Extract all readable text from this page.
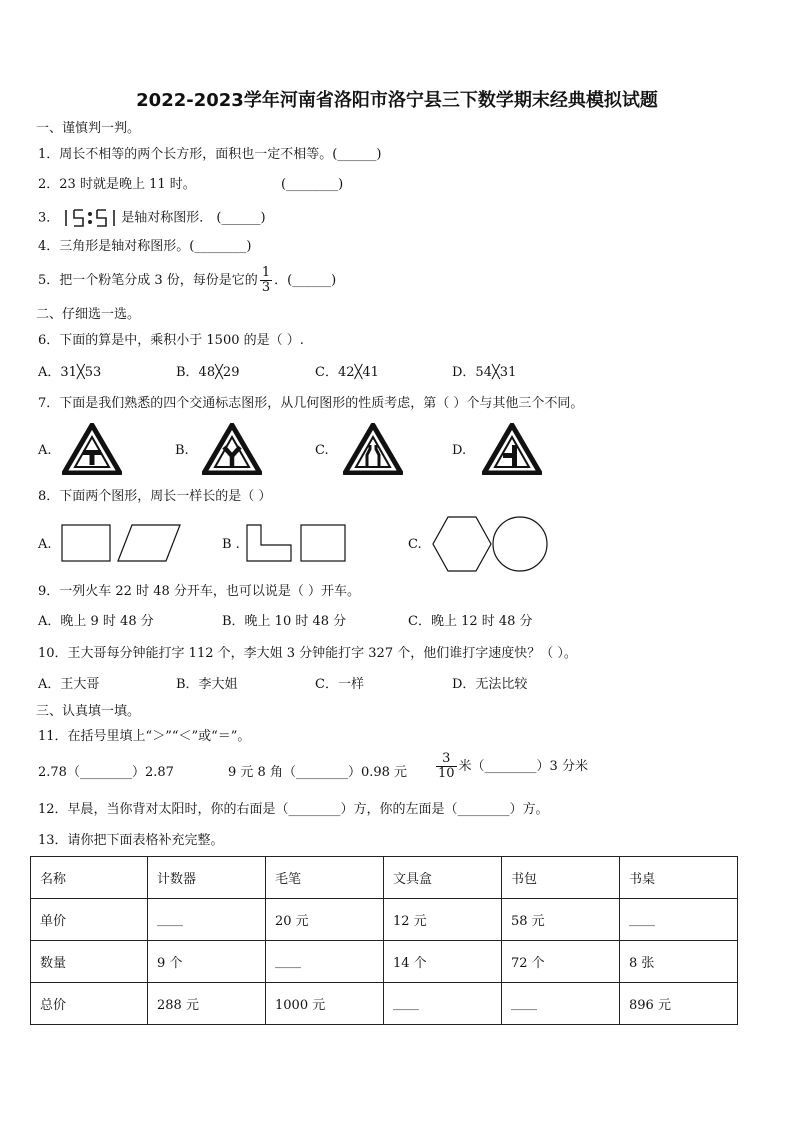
2022-2023学年河南省洛阳市洛宁县三下数学期末经典模拟试题
一、谨慎判一判。
1．周长不相等的两个长方形，面积也一定不相等。(______)
2．23 时就是晚上 11 时。	(________)
3．	是轴对称图形． (______)
4．三角形是轴对称图形。(________)
5．把一个粉笔分成 3 份，每份是它的 $\frac{1}{3}$ ．(______)
二、仔细选一选。
6．下面的算是中，乘积小于 1500 的是（ ）.
A．31╳53	B．48╳29	C．42╳41	D．54╳31
7．下面是我们熟悉的四个交通标志图形，从几何图形的性质考虑，第（ ）个与其他三个不同。
A.	B.	C.	D.
8．下面两个图形，周长一样长的是（ ）
A.	B .	C.
9．一列火车 22 时 48 分开车，也可以说是（ ）开车。
A．晚上 9 时 48 分	B．晚上 10 时 48 分	C．晚上 12 时 48 分
10．王大哥每分钟能打字 112 个，李大姐 3 分钟能打字 327 个，他们谁打字速度快？（ ）。
A．王大哥	B．李大姐	C．一样	D．无法比较
三、认真填一填。
11．在括号里填上“＞”“＜”或“＝”。
2.78（________）2.87	9 元 8 角（________）0.98 元 $\frac{3}{10}$ 米（________）3 分米
12．早晨，当你背对太阳时，你的右面是（________）方，你的左面是（________）方。
13．请你把下面表格补充完整。
名称	计数器	毛笔	文具盒	书包	书桌
单价	____	20 元	12 元	58 元	____
数量	9 个	____	14 个	72 个	8 张
总价	288 元	1000 元	____	____	896 元
